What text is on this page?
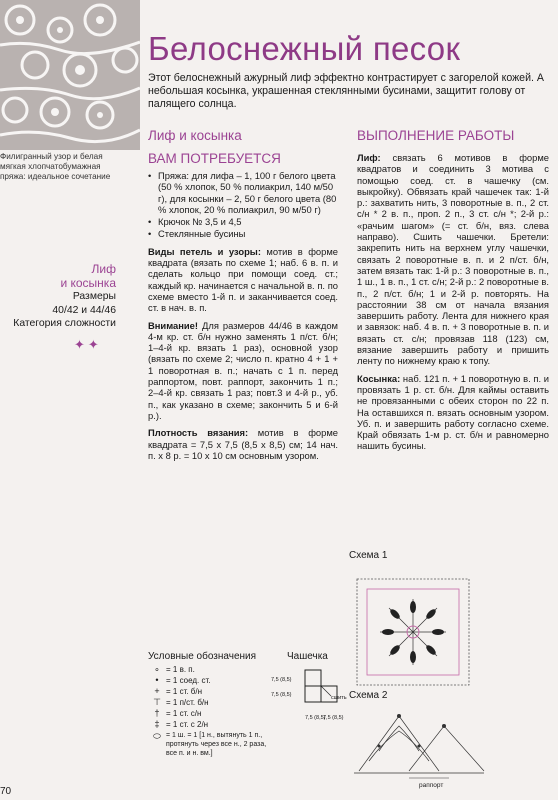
Филигранный узор и белая
мягкая хлопчатобумажная
пряжа: идеальное сочетание
Белоснежный песок
Этот белоснежный ажурный лиф эффектно контрастирует с загорелой кожей. А небольшая косынка, украшенная стеклянными бусинами, защитит голову от палящего солнца.
Лиф
и косынка
Размеры
40/42 и 44/46
Категория сложности
✦✦
Лиф и косынка
ВАМ ПОТРЕБУЕТСЯ
ВЫПОЛНЕНИЕ РАБОТЫ
• Пряжа: для лифа – 1, 100 г белого цвета (50 % хлопок, 50 % полиакрил, 140 м/50 г), для косынки – 2, 50 г белого цвета (80 % хлопок, 20 % полиакрил, 90 м/50 г)
• Крючок № 3,5 и 4,5
• Стеклянные бусины

Виды петель и узоры: мотив в форме квадрата (вязать по схеме 1; наб. 6 в. п. и сделать кольцо при помощи соед. ст.; каждый кр. начинается с начальной в. п. по схеме вместо 1-й п. и заканчивается соед. ст. в нач. в. п.

Внимание! Для размеров 44/46 в каждом 4-м кр. ст. б/н нужно заменять 1 п/ст. б/н; 1–4-й кр. вязать 1 раз), основной узор (вязать по схеме 2; число п. кратно 4 + 1 + 1 поворотная в. п.; начать с 1 п. перед раппортом, повт. раппорт, закончить 1 п.; 2–4-й кр. связать 1 раз; повт.3 и 4-й р., уб. п., как указано в схеме; закончить 5 и 6-й р.).

Плотность вязания: мотив в форме квадрата = 7,5 х 7,5 (8,5 х 8,5) см; 14 нач. п. х 8 р. = 10 х 10 см основным узором.

Лиф: связать 6 мотивов в форме квадратов и соединить 3 мотива с помощью соед. ст. в чашечку (см. выкройку). Обвязать край чашечек так: 1-й р.: захватить нить, 3 поворотные в. п., 2 ст. с/н * 2 в. п., проп. 2 п., 3 ст. с/н *; 2-й р.: «рачьим шагом» (= ст. б/н, вяз. слева направо). Сшить чашечки. Бретели: закрепить нить на верхнем углу чашечки, связать 2 поворотные в. п. и 2 п/ст. б/н, затем вязать так: 1-й р.: 3 поворотные в. п., 1 ш., 1 в. п., 1 ст. с/н; 2-й р.: 2 поворотные в. п., 2 п/ст. б/н; 1 и 2-й р. повторять. На расстоянии 38 см от начала вязания завершить работу. Лента для нижнего края и завязок: наб. 4 в. п. + 3 поворотные в. п. и вязать ст. с/н; провязав 118 (123) см, вязание завершить работу и пришить ленту по нижнему краю к топу.

Косынка: наб. 121 п. + 1 поворотную в. п. и провязать 1 р. ст. б/н. Для каймы оставить не провязанными с обеих сторон по 22 п. На оставшихся п. вязать основным узором. Уб. п. и завершить работу согласно схеме. Край обвязать 1-м р. ст. б/н и равномерно нашить бусины.

Условные обозначения
∘ = 1 в. п.
• = 1 соед. ст.
+ = 1 ст. б/н
⊤ = 1 п/ст. б/н
† = 1 ст. с/н
‡ = 1 ст. с 2/н
⬭ = 1 ш. = 1 [1 н., вытянуть 1 п., протянуть через все н., 2 раза, все п. и н. вм.]
Чашечка
7,5 (8,5)
7,5 (8,5)
7,5 (8,5)
7,5 (8,5)
сшить
Схема 1
Схема 2
раппорт
70
